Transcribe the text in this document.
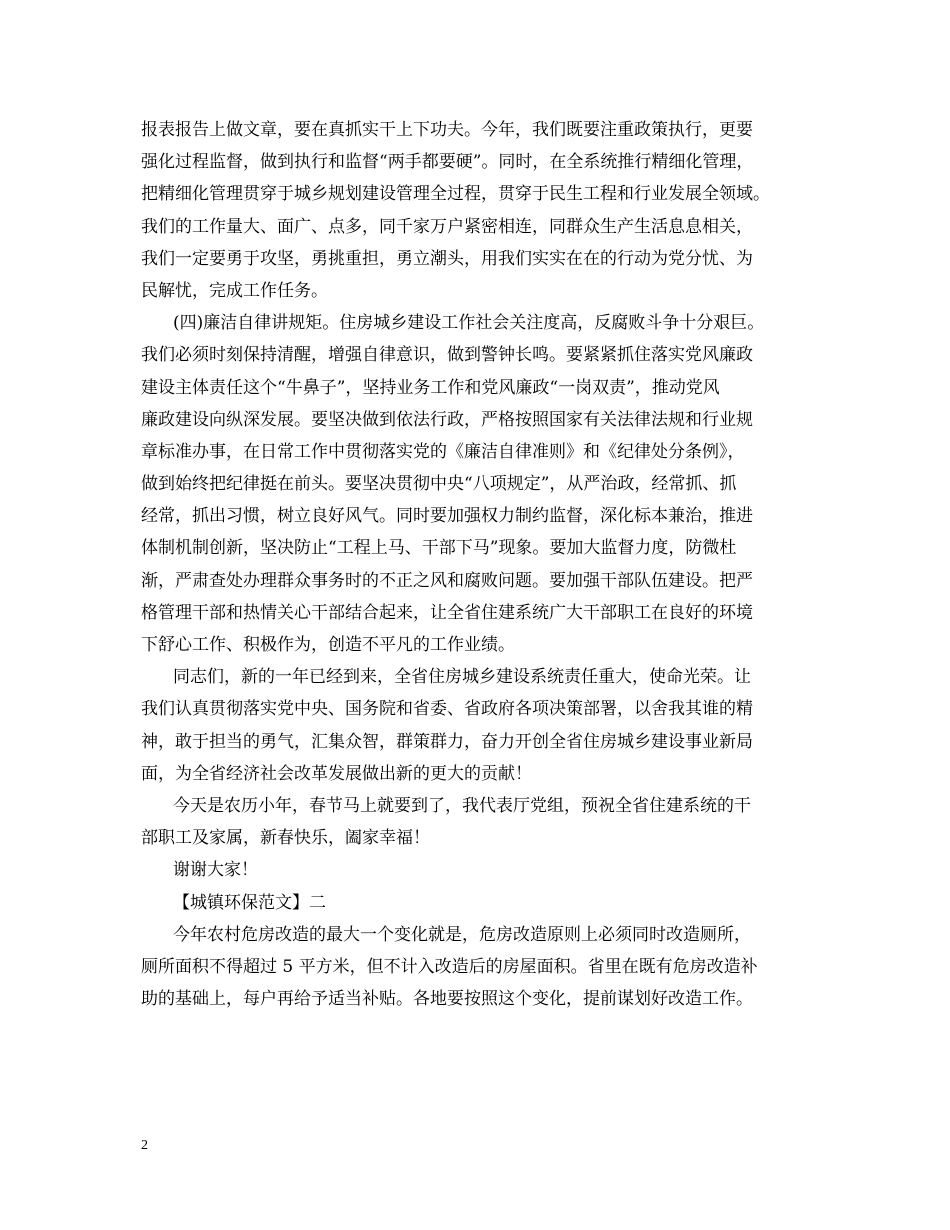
报表报告上做文章，要在真抓实干上下功夫。今年，我们既要注重政策执行，更要
强化过程监督，做到执行和监督“两手都要硬”。同时，在全系统推行精细化管理，
把精细化管理贯穿于城乡规划建设管理全过程，贯穿于民生工程和行业发展全领域。
我们的工作量大、面广、点多，同千家万户紧密相连，同群众生产生活息息相关，
我们一定要勇于攻坚，勇挑重担，勇立潮头，用我们实实在在的行动为党分忧、为
民解忧，完成工作任务。
(四)廉洁自律讲规矩。住房城乡建设工作社会关注度高，反腐败斗争十分艰巨。
我们必须时刻保持清醒，增强自律意识，做到警钟长鸣。要紧紧抓住落实党风廉政
建设主体责任这个“牛鼻子”，坚持业务工作和党风廉政“一岗双责”，推动党风
廉政建设向纵深发展。要坚决做到依法行政，严格按照国家有关法律法规和行业规
章标准办事，在日常工作中贯彻落实党的《廉洁自律准则》和《纪律处分条例》，
做到始终把纪律挺在前头。要坚决贯彻中央“八项规定”，从严治政，经常抓、抓
经常，抓出习惯，树立良好风气。同时要加强权力制约监督，深化标本兼治，推进
体制机制创新，坚决防止“工程上马、干部下马”现象。要加大监督力度，防微杜
渐，严肃查处办理群众事务时的不正之风和腐败问题。要加强干部队伍建设。把严
格管理干部和热情关心干部结合起来，让全省住建系统广大干部职工在良好的环境
下舒心工作、积极作为，创造不平凡的工作业绩。
同志们，新的一年已经到来，全省住房城乡建设系统责任重大，使命光荣。让
我们认真贯彻落实党中央、国务院和省委、省政府各项决策部署，以舍我其谁的精
神，敢于担当的勇气，汇集众智，群策群力，奋力开创全省住房城乡建设事业新局
面，为全省经济社会改革发展做出新的更大的贡献！
今天是农历小年，春节马上就要到了，我代表厅党组，预祝全省住建系统的干
部职工及家属，新春快乐，阖家幸福！
谢谢大家！
【城镇环保范文】二
今年农村危房改造的最大一个变化就是，危房改造原则上必须同时改造厕所，
厕所面积不得超过 5 平方米，但不计入改造后的房屋面积。省里在既有危房改造补
助的基础上，每户再给予适当补贴。各地要按照这个变化，提前谋划好改造工作。
2
